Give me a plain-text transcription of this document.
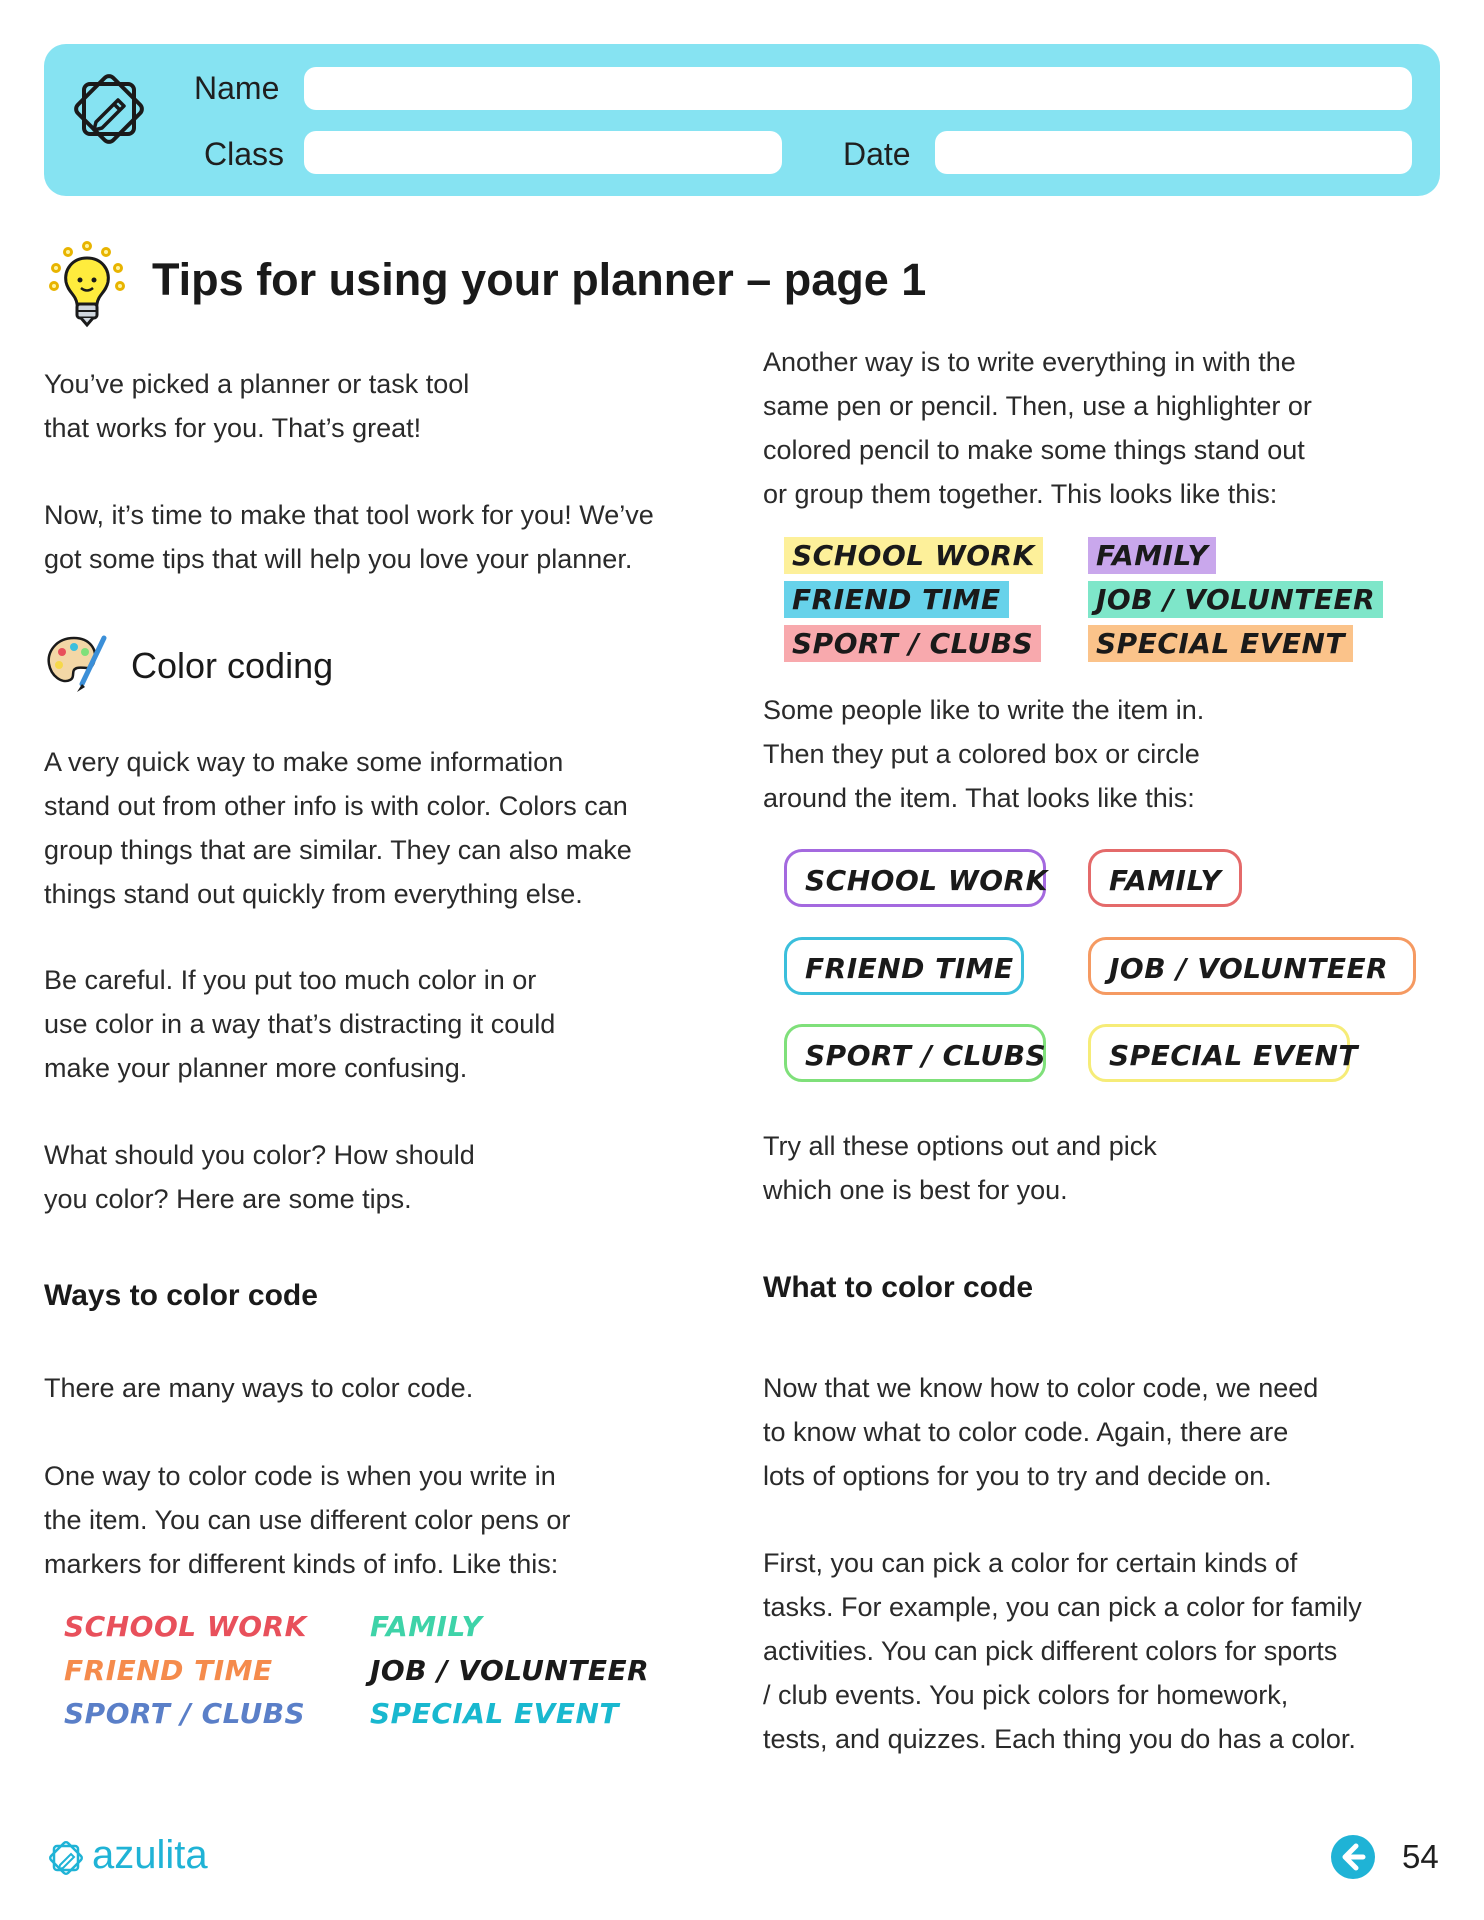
Name
Class	Date
Tips for using your planner – page 1
You’ve picked a planner or task tool
that works for you. That’s great!
Now, it’s time to make that tool work for you! We’ve
got some tips that will help you love your planner.
Color coding
A very quick way to make some information
stand out from other info is with color. Colors can
group things that are similar. They can also make
things stand out quickly from everything else.
Be careful. If you put too much color in or
use color in a way that’s distracting it could
make your planner more confusing.
What should you color? How should
you color? Here are some tips.
Ways to color code
There are many ways to color code.
One way to color code is when you write in
the item. You can use different color pens or
markers for different kinds of info. Like this:
SCHOOL WORK
FRIEND TIME
SPORT / CLUBS
FAMILY
JOB / VOLUNTEER
SPECIAL EVENT
Another way is to write everything in with the
same pen or pencil. Then, use a highlighter or
colored pencil to make some things stand out
or group them together. This looks like this:
SCHOOL WORK
FRIEND TIME
SPORT / CLUBS
FAMILY
JOB / VOLUNTEER
SPECIAL EVENT
Some people like to write the item in.
Then they put a colored box or circle
around the item. That looks like this:
SCHOOL WORK
FRIEND TIME
SPORT / CLUBS
FAMILY
JOB / VOLUNTEER
SPECIAL EVENT
Try all these options out and pick
which one is best for you.
What to color code
Now that we know how to color code, we need
to know what to color code. Again, there are
lots of options for you to try and decide on.
First, you can pick a color for certain kinds of
tasks. For example, you can pick a color for family
activities. You can pick different colors for sports
/ club events. You pick colors for homework,
tests, and quizzes. Each thing you do has a color.
azulita	54
